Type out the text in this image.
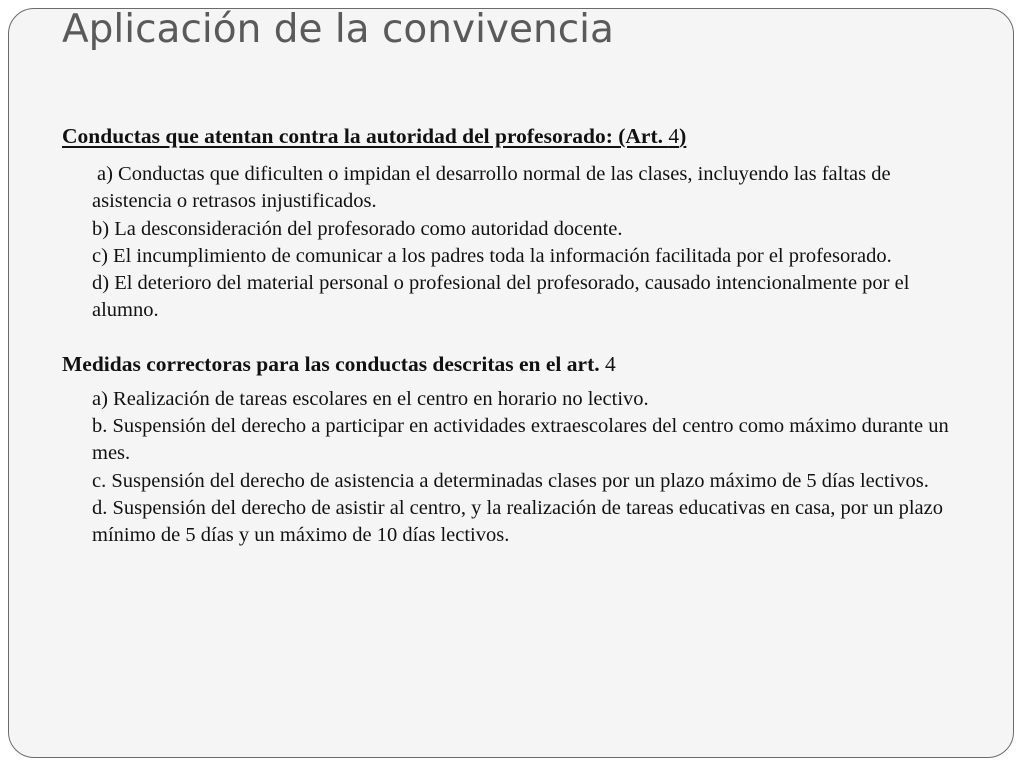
Aplicación de la convivencia

Conductas que atentan contra la autoridad del profesorado: (Art. 4)

a) Conductas que dificulten o impidan el desarrollo normal de las clases, incluyendo las faltas de asistencia o retrasos injustificados.
b) La desconsideración del profesorado como autoridad docente.
c) El incumplimiento de comunicar a los padres toda la información facilitada por el profesorado.
d) El deterioro del material personal o profesional del profesorado, causado intencionalmente por el alumno.

Medidas correctoras para las conductas descritas en el art. 4

a) Realización de tareas escolares en el centro en horario no lectivo.
b. Suspensión del derecho a participar en actividades extraescolares del centro como máximo durante un mes.
c. Suspensión del derecho de asistencia a determinadas clases por un plazo máximo de 5 días lectivos.
d. Suspensión del derecho de asistir al centro, y la realización de tareas educativas en casa, por un plazo mínimo de 5 días y un máximo de 10 días lectivos.
